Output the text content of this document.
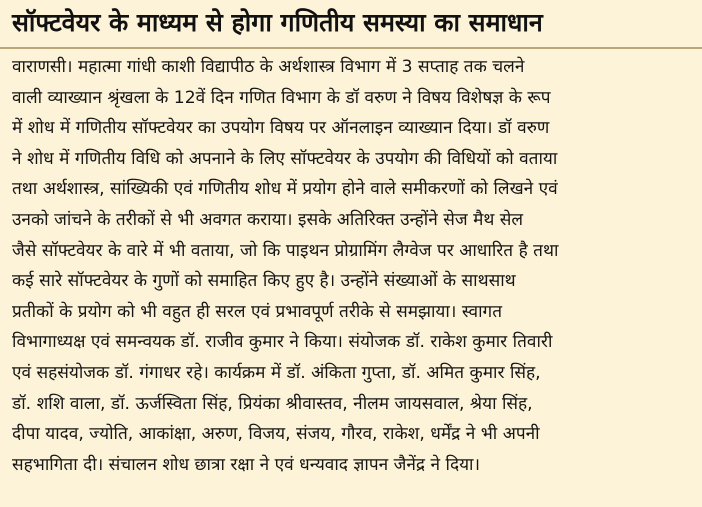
सॉफ्टवेयर के माध्यम से होगा गणितीय समस्या का समाधान
वाराणसी। महात्मा गांधी काशी विद्यापीठ के अर्थशास्त्र विभाग में 3 सप्ताह तक चलने
वाली व्याख्यान श्रृंखला के 12वें दिन गणित विभाग के डॉ वरुण ने विषय विशेषज्ञ के रूप
में शोध में गणितीय सॉफ्टवेयर का उपयोग विषय पर ऑनलाइन व्याख्यान दिया। डॉ वरुण
ने शोध में गणितीय विधि को अपनाने के लिए सॉफ्टवेयर के उपयोग की विधियों को वताया
तथा अर्थशास्त्र, सांख्यिकी एवं गणितीय शोध में प्रयोग होने वाले समीकरणों को लिखने एवं
उनको जांचने के तरीकों से भी अवगत कराया। इसके अतिरिक्त उन्होंने सेज मैथ सेल
जैसे सॉफ्टवेयर के वारे में भी वताया, जो कि पाइथन प्रोग्रामिंग लैग्वेज पर आधारित है तथा
कई सारे सॉफ्टवेयर के गुणों को समाहित किए हुए है। उन्होंने संख्याओं के साथसाथ
प्रतीकों के प्रयोग को भी वहुत ही सरल एवं प्रभावपूर्ण तरीके से समझाया। स्वागत
विभागाध्यक्ष एवं समन्वयक डॉ. राजीव कुमार ने किया। संयोजक डॉ. राकेश कुमार तिवारी
एवं सहसंयोजक डॉ. गंगाधर रहे। कार्यक्रम में डॉ. अंकिता गुप्ता, डॉ. अमित कुमार सिंह,
डॉ. शशि वाला, डॉ. ऊर्जस्विता सिंह, प्रियंका श्रीवास्तव, नीलम जायसवाल, श्रेया सिंह,
दीपा यादव, ज्योति, आकांक्षा, अरुण, विजय, संजय, गौरव, राकेश, धर्मेंद्र ने भी अपनी
सहभागिता दी। संचालन शोध छात्रा रक्षा ने एवं धन्यवाद ज्ञापन जैनेंद्र ने दिया।
